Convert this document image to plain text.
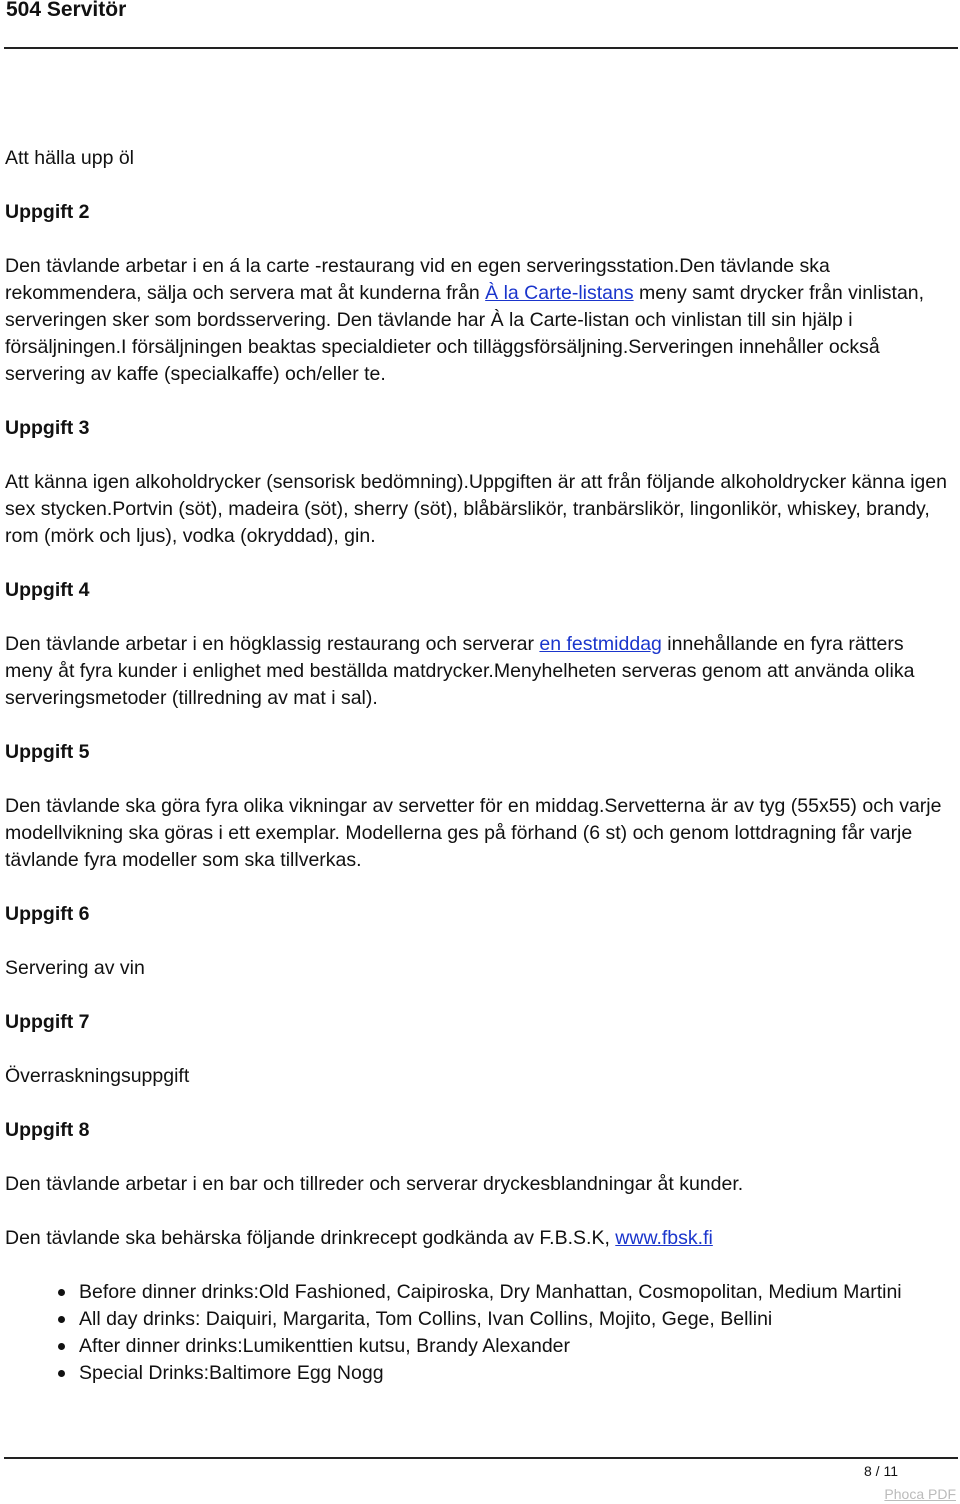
504 Servitör

Att hälla upp öl

Uppgift 2

Den tävlande arbetar i en á la carte -restaurang vid en egen serveringsstation.Den tävlande ska rekommendera, sälja och servera mat åt kunderna från À la Carte-listans meny samt drycker från vinlistan, serveringen sker som bordsservering. Den tävlande har À la Carte-listan och vinlistan till sin hjälp i försäljningen.I försäljningen beaktas specialdieter och tilläggsförsäljning.Serveringen innehåller också servering av kaffe (specialkaffe) och/eller te.

Uppgift 3

Att känna igen alkoholdrycker (sensorisk bedömning).Uppgiften är att från följande alkoholdrycker känna igen sex stycken.Portvin (söt), madeira (söt), sherry (söt), blåbärslikör, tranbärslikör, lingonlikör, whiskey, brandy, rom (mörk och ljus), vodka (okryddad), gin.

Uppgift 4

Den tävlande arbetar i en högklassig restaurang och serverar en festmiddag innehållande en fyra rätters meny åt fyra kunder i enlighet med beställda matdrycker.Menyhelheten serveras genom att använda olika serveringsmetoder (tillredning av mat i sal).

Uppgift 5

Den tävlande ska göra fyra olika vikningar av servetter för en middag.Servetterna är av tyg (55x55) och varje modellvikning ska göras i ett exemplar. Modellerna ges på förhand (6 st) och genom lottdragning får varje tävlande fyra modeller som ska tillverkas.

Uppgift 6

Servering av vin

Uppgift 7

Överraskningsuppgift

Uppgift 8

Den tävlande arbetar i en bar och tillreder och serverar dryckesblandningar åt kunder.

Den tävlande ska behärska följande drinkrecept godkända av F.B.S.K, www.fbsk.fi

Before dinner drinks:Old Fashioned, Caipiroska, Dry Manhattan, Cosmopolitan, Medium Martini
All day drinks: Daiquiri, Margarita, Tom Collins, Ivan Collins, Mojito, Gege, Bellini
After dinner drinks:Lumikenttien kutsu, Brandy Alexander
Special Drinks:Baltimore Egg Nogg
8 / 11
Phoca PDF
